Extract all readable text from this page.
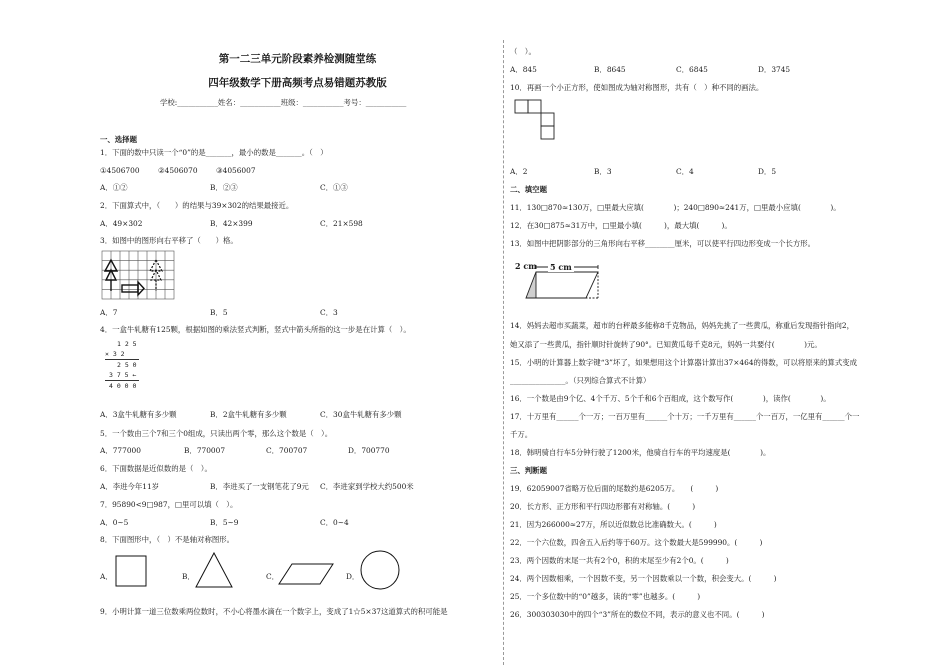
第一二三单元阶段素养检测随堂练
四年级数学下册高频考点易错题苏教版
学校:___________姓名：___________班级：___________考号：___________
一、选择题
1．下面的数中只读一个“0”的是_______，最小的数是_______。（　）
①4506700 ②4506070 ③4056007
A．①②	B．②③	C．①③
2．下面算式中，（　　）的结果与39×302的结果最接近。
A．49×302	B．42×399	C．21×598
3．如图中的图形向右平移了（　　）格。
A．7	B．5	C．3
4．一盒牛轧糖有125颗，根据如图的乘法竖式判断，竖式中箭头所指的这一步是在计算（　）。
1 2 5
× 3 2
2 5 0
3 7 5 ←
4 0 0 0
A．3盒牛轧糖有多少颗	B．2盒牛轧糖有多少颗	C．30盒牛轧糖有多少颗
5．一个数由三个7和三个0组成，只读出两个零，那么这个数是（　）。
A．777000	B．770007	C．700707	D．700770
6．下面数据是近似数的是（　）。
A．李进今年11岁	B．李进买了一支钢笔花了9元 C．李进家到学校大约500米
7．95890<9□987，□里可以填（　）。
A．0~5	B．5~9	C．0~4
8．下面图形中，（　）不是轴对称图形。
A．	B．	C．	D．
9．小明计算一道三位数乘两位数时，不小心将墨水滴在一个数字上，变成了1☆5×37这道算式的积可能是
（　）。
A．845	B．8645	C．6845	D．3745
10．再画一个小正方形，使如图成为轴对称图形，共有（　）种不同的画法。
A．2	B．3	C．4	D．5
二、填空题
11．130□870≈130万，□里最大应填(　　　　)；240□890≈241万，□里最小应填(　　　　)。
12．在30□875≈31万中，□里最小填(　　　)，最大填(　　　)。
13．如图中把阴影部分的三角形向右平移________厘米，可以使平行四边形变成一个长方形。
2 cm 5 cm
14．妈妈去超市买蔬菜，超市的台秤最多能称8千克物品，妈妈先挑了一些黄瓜，称重后发现指针指向2，
她又添了一些黄瓜，指针顺时针旋转了90°。已知黄瓜每千克8元，妈妈一共要付(　　　　)元。
15．小明的计算器上数字键“3”坏了，如果想用这个计算器计算出37×464的得数，可以将原来的算式变成
_______________。（只列综合算式不计算）
16．一个数是由9个亿、4个千万、5个千和6个百组成，这个数写作(　　　　)，读作(　　　　)。
17．十万里有______个一万；一百万里有______个十万；一千万里有______个一百万，一亿里有______个一
千万。
18．韩明骑自行车5分钟行驶了1200米，他骑自行车的平均速度是(　　　　)。
三、判断题
19．62059007省略万位后面的尾数约是6205万。　　(　　　)
20．长方形、正方形和平行四边形都有对称轴。(　　　)
21．因为266000≈27万，所以近似数总比准确数大。(　　　)
22．一个六位数，四舍五入后约等于60万。这个数最大是599990。(　　　)
23．两个因数的末尾一共有2个0，积的末尾至少有2个0。(　　　)
24．两个因数相乘，一个因数不变，另一个因数乘以一个数，积会变大。(　　　)
25．一个多位数中的“0”越多，读的“零”也越多。(　　　)
26．300303030中的四个“3”所在的数位不同，表示的意义也不同。(　　　)
